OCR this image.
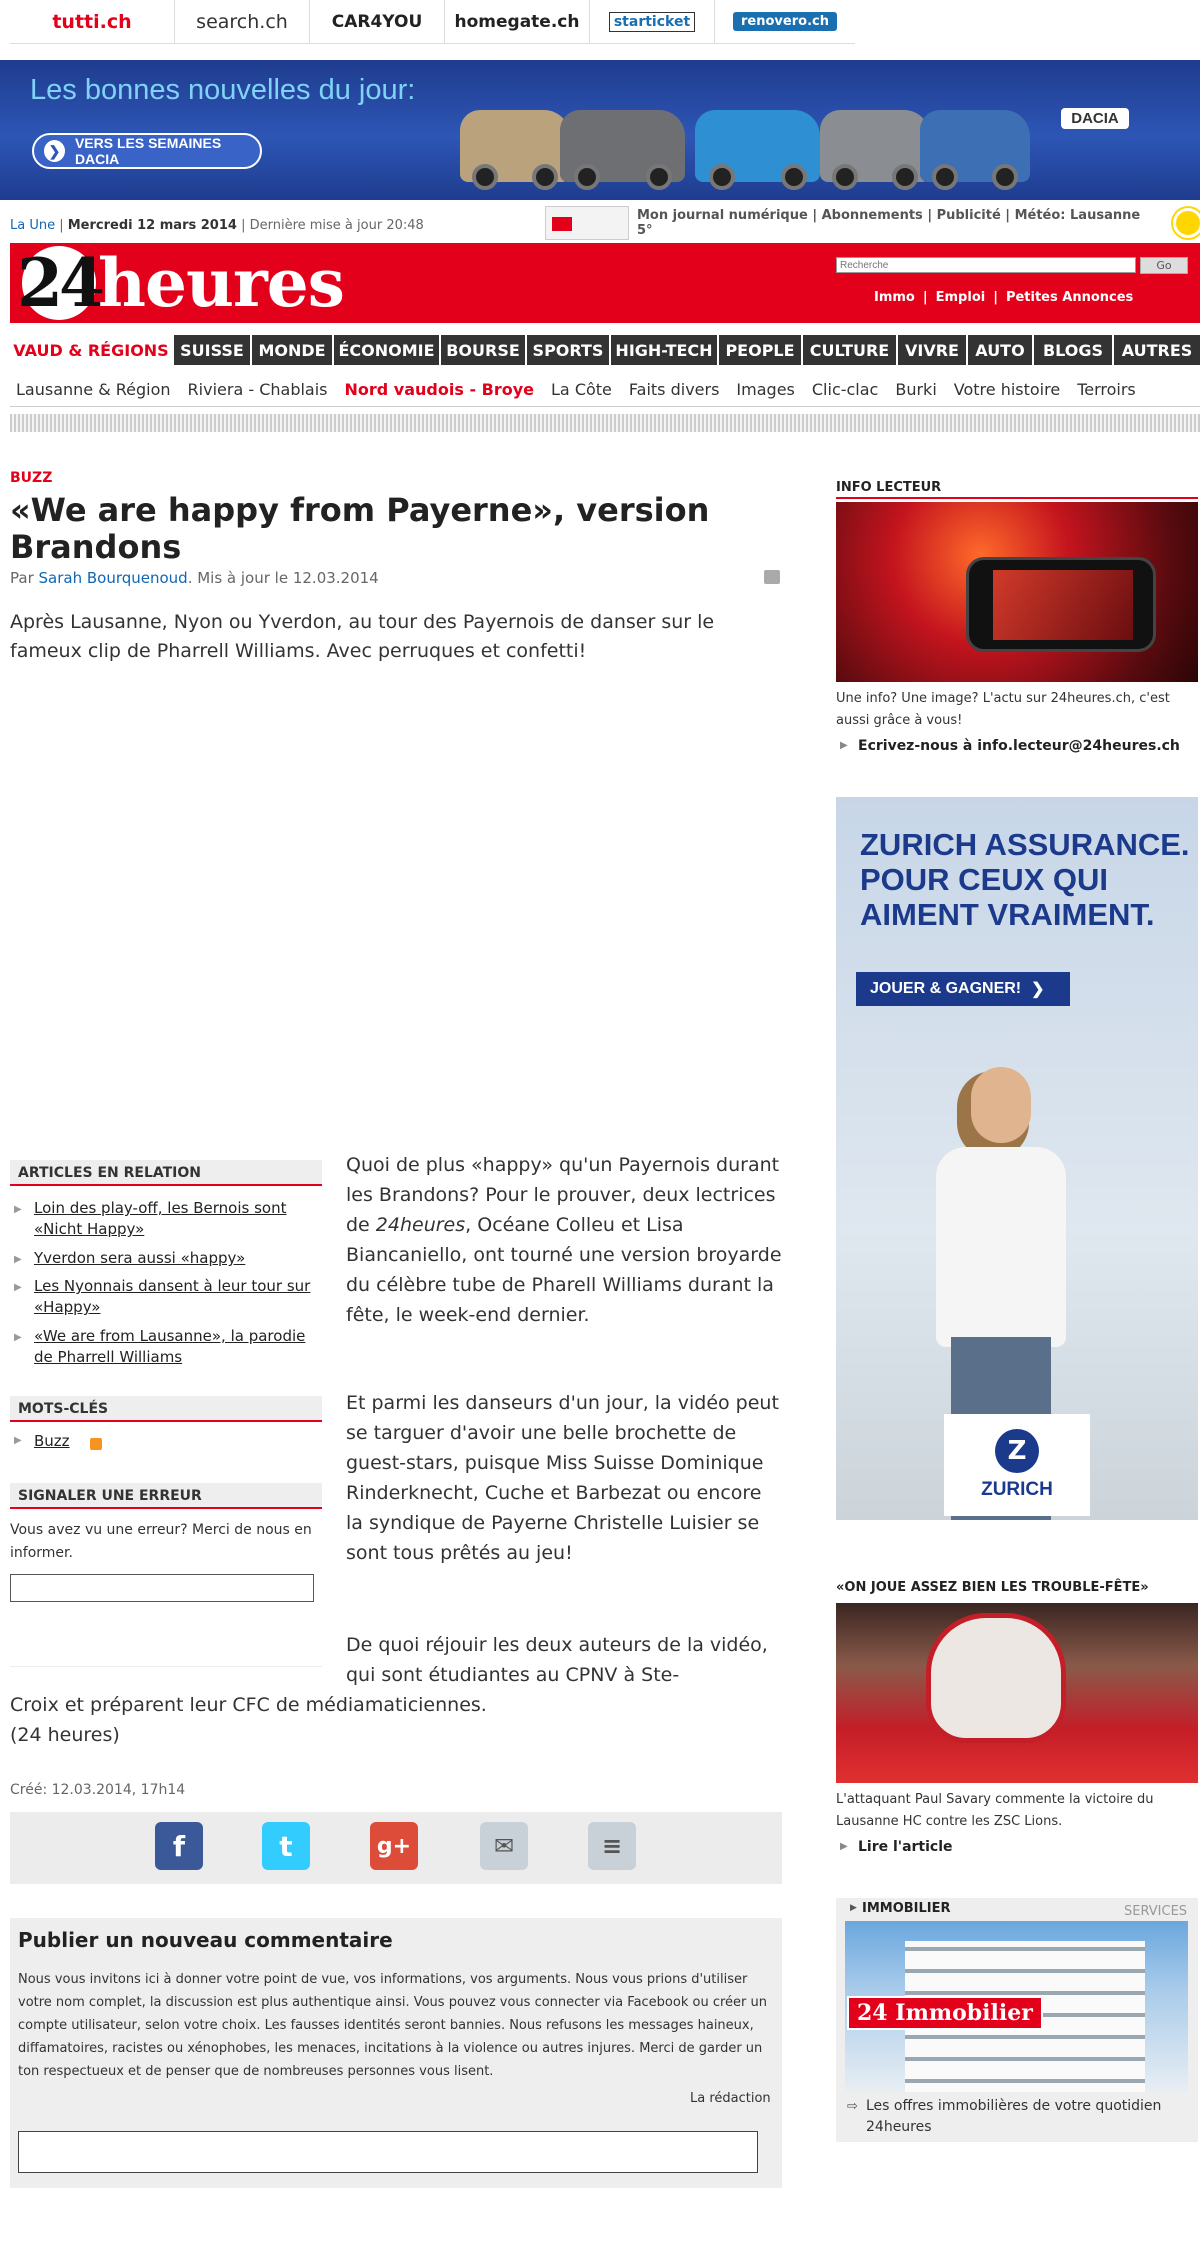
tutti.ch	search.ch	CAR4YOU homegate.ch	starticket	renovero.ch
Les bonnes nouvelles du jour:
❯	VERS LES SEMAINES DACIA
DACIA
La Une | Mercredi 12 mars 2014 | Dernière mise à jour 20:48
Mon journal numérique | Abonnements | Publicité | Météo: Lausanne 5°
24
heures
Recherche	Go
Immo | Emploi | Petites Annonces
VAUD & RÉGIONS SUISSE MONDE ÉCONOMIE BOURSE SPORTS HIGH-TECH PEOPLE CULTURE VIVRE	AUTO	BLOGS	AUTRES
Lausanne & Région	Riviera - Chablais	Nord vaudois - Broye	La Côte	Faits divers	Images	Clic-clac	Burki	Votre histoire	Terroirs
BUZZ
«We are happy from Payerne», version Brandons
Par Sarah Bourquenoud. Mis à jour le 12.03.2014

Après Lausanne, Nyon ou Yverdon, au tour des Payernois de danser sur le fameux clip de Pharrell Williams. Avec perruques et confetti!

Quoi de plus «happy» qu'un Payernois durant les Brandons? Pour le prouver, deux lectrices de 24heures, Océane Colleu et Lisa Biancaniello, ont tourné une version broyarde du célèbre tube de Pharell Williams durant la fête, le week-end dernier.

Et parmi les danseurs d'un jour, la vidéo peut se targuer d'avoir une belle brochette de guest-stars, puisque Miss Suisse Dominique Rinderknecht, Cuche et Barbezat ou encore la syndique de Payerne Christelle Luisier se sont tous prêtés au jeu!

De quoi réjouir les deux auteurs de la vidéo, qui sont étudiantes au CPNV à Ste-

Croix et préparent leur CFC de médiamaticiennes.

(24 heures)

Créé: 12.03.2014, 17h14
ARTICLES EN RELATION
▶ Loin des play-off, les Bernois sont «Nicht Happy»
▶ Yverdon sera aussi «happy»
▶ Les Nyonnais dansent à leur tour sur «Happy»
▶ «We are from Lausanne», la parodie de Pharrell Williams
MOTS-CLÉS
▶ Buzz
SIGNALER UNE ERREUR
Vous avez vu une erreur? Merci de nous en informer.
f	t	g+	✉	≡
Publier un nouveau commentaire

Nous vous invitons ici à donner votre point de vue, vos informations, vos arguments. Nous vous prions d'utiliser votre nom complet, la discussion est plus authentique ainsi. Vous pouvez vous connecter via Facebook ou créer un compte utilisateur, selon votre choix. Les fausses identités seront bannies. Nous refusons les messages haineux, diffamatoires, racistes ou xénophobes, les menaces, incitations à la violence ou autres injures. Merci de garder un ton respectueux et de penser que de nombreuses personnes vous lisent.

La rédaction
INFO LECTEUR
Une info? Une image? L'actu sur 24heures.ch, c'est aussi grâce à vous!
▶ Ecrivez-nous à info.lecteur@24heures.ch
ZURICH ASSURANCE. POUR CEUX QUI AIMENT VRAIMENT.
JOUER & GAGNER! ❯
Z
ZURICH
«ON JOUE ASSEZ BIEN LES TROUBLE-FÊTE»
L'attaquant Paul Savary commente la victoire du Lausanne HC contre les ZSC Lions.
▶ Lire l'article
▶ IMMOBILIER	SERVICES
24 Immobilier
⇨ Les offres immobilières de votre quotidien 24heures
